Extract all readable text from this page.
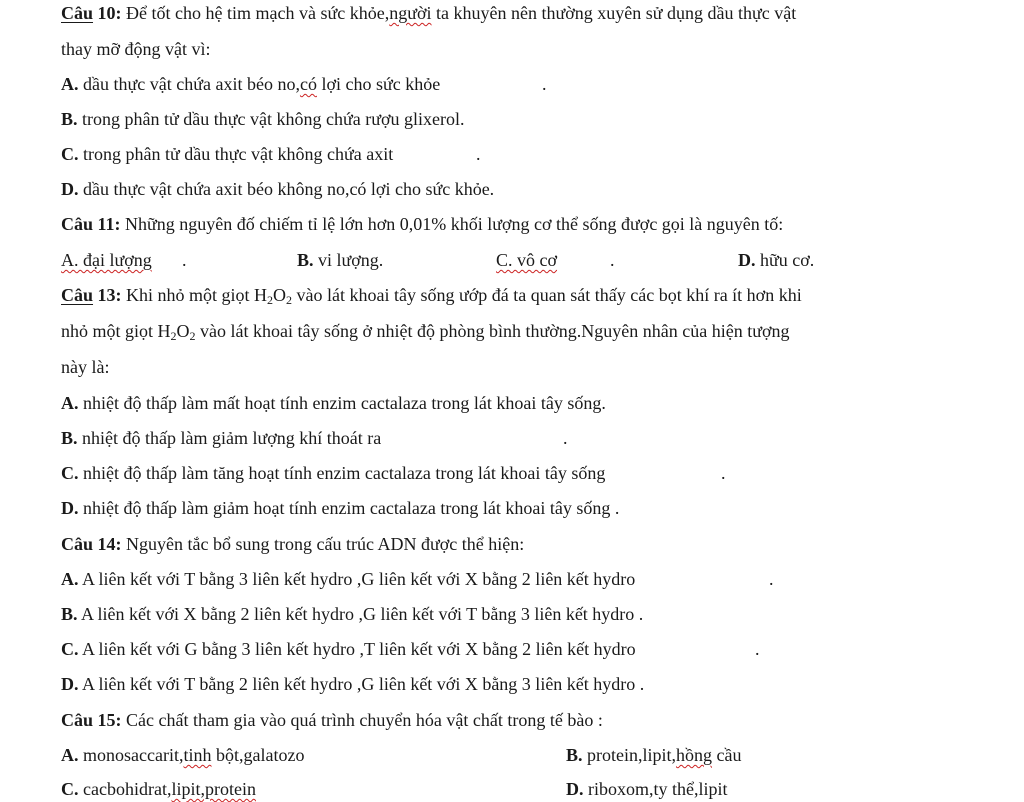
Câu 10: Để tốt cho hệ tim mạch và sức khỏe,người ta khuyên nên thường xuyên sử dụng dầu thực vật
thay mỡ động vật vì:
A. dầu thực vật chứa axit béo no,có lợi cho sức khỏe	.
B. trong phân tử dầu thực vật không chứa rượu glixerol.
C. trong phân tử dầu thực vật không chứa axit	.
D. dầu thực vật chứa axit béo không no,có lợi cho sức khỏe.
Câu 11: Những nguyên đố chiếm tỉ lệ lớn hơn 0,01% khối lượng cơ thể sống được gọi là nguyên tố:
A. đại lượng .	B. vi lượng.	C. vô cơ	.	D. hữu cơ.
Câu 13: Khi nhỏ một giọt $H_2O_2$ vào lát khoai tây sống ướp đá ta quan sát thấy các bọt khí ra ít hơn khi
nhỏ một giọt $H_2O_2$ vào lát khoai tây sống ở nhiệt độ phòng bình thường.Nguyên nhân của hiện tượng
này là:
A. nhiệt độ thấp làm mất hoạt tính enzim cactalaza trong lát khoai tây sống.
B. nhiệt độ thấp làm giảm lượng khí thoát ra	.
C. nhiệt độ thấp làm tăng hoạt tính enzim cactalaza trong lát khoai tây sống	.
D. nhiệt độ thấp làm giảm hoạt tính enzim cactalaza trong lát khoai tây sống .
Câu 14: Nguyên tắc bổ sung trong cấu trúc ADN được thể hiện:
A. A liên kết với T bằng 3 liên kết hydro ,G liên kết với X bằng 2 liên kết hydro	.
B. A liên kết với X bằng 2 liên kết hydro ,G liên kết với T bằng 3 liên kết hydro .
C. A liên kết với G bằng 3 liên kết hydro ,T liên kết với X bằng 2 liên kết hydro	.
D. A liên kết với T bằng 2 liên kết hydro ,G liên kết với X bằng 3 liên kết hydro .
Câu 15: Các chất tham gia vào quá trình chuyển hóa vật chất trong tế bào :
A. monosaccarit,tinh bột,galatozo	B. protein,lipit,hồng cầu
C. cacbohidrat,lipit,protein	D. riboxom,ty thể,lipit
